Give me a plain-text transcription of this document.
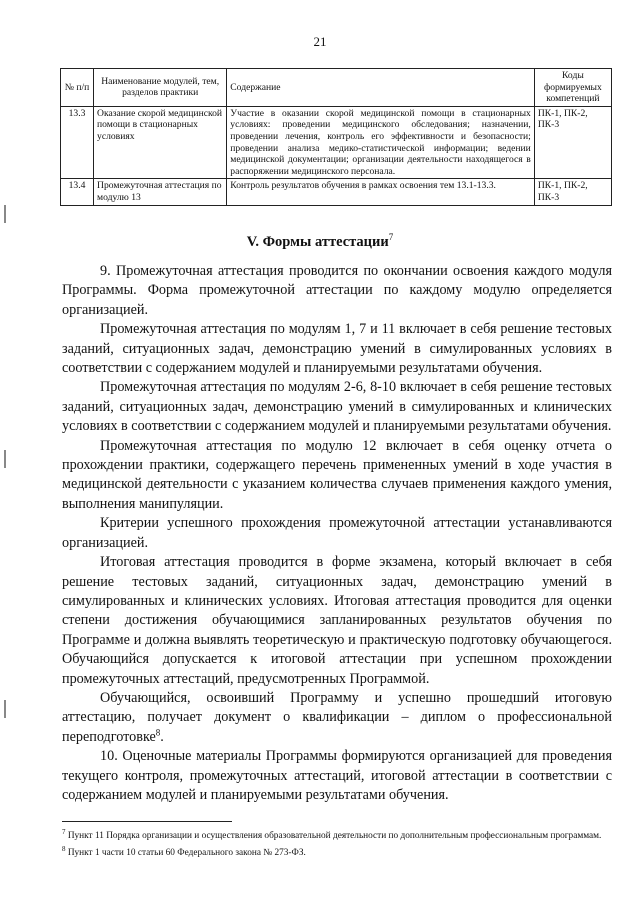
21
№ п/п	Наименование модулей, тем, разделов практики	Содержание	Коды формируемых компетенций
13.3	Оказание скорой медицинской помощи в стационарных условиях	Участие в оказании скорой медицинской помощи в стационарных условиях: проведении медицинского обследования; назначении, проведении лечения, контроль его эффективности и безопасности; проведении анализа медико-статистической информации; ведении медицинской документации; организации деятельности находящегося в распоряжении медицинского персонала.	ПК-1, ПК-2, ПК-3
13.4	Промежуточная аттестация по модулю 13	Контроль результатов обучения в рамках освоения тем 13.1-13.3.	ПК-1, ПК-2, ПК-3
V. Формы аттестации$^7$

9. Промежуточная аттестация проводится по окончании освоения каждого модуля Программы. Форма промежуточной аттестации по каждому модулю определяется организацией.

Промежуточная аттестация по модулям 1, 7 и 11 включает в себя решение тестовых заданий, ситуационных задач, демонстрацию умений в симулированных условиях в соответствии с содержанием модулей и планируемыми результатами обучения.

Промежуточная аттестация по модулям 2-6, 8-10 включает в себя решение тестовых заданий, ситуационных задач, демонстрацию умений в симулированных и клинических условиях в соответствии с содержанием модулей и планируемыми результатами обучения.

Промежуточная аттестация по модулю 12 включает в себя оценку отчета о прохождении практики, содержащего перечень примененных умений в ходе участия в медицинской деятельности с указанием количества случаев применения каждого умения, выполнения манипуляции.

Критерии успешного прохождения промежуточной аттестации устанавливаются организацией.

Итоговая аттестация проводится в форме экзамена, который включает в себя решение тестовых заданий, ситуационных задач, демонстрацию умений в симулированных и клинических условиях. Итоговая аттестация проводится для оценки степени достижения обучающимися запланированных результатов обучения по Программе и должна выявлять теоретическую и практическую подготовку обучающегося. Обучающийся допускается к итоговой аттестации при успешном прохождении промежуточных аттестаций, предусмотренных Программой.

Обучающийся, освоивший Программу и успешно прошедший итоговую аттестацию, получает документ о квалификации – диплом о профессиональной переподготовке$^8$.

10. Оценочные материалы Программы формируются организацией для проведения текущего контроля, промежуточных аттестаций, итоговой аттестации в соответствии с содержанием модулей и планируемыми результатами обучения.

$^7$ Пункт 11 Порядка организации и осуществления образовательной деятельности по дополнительным профессиональным программам.

$^8$ Пункт 1 части 10 статьи 60 Федерального закона № 273-ФЗ.
